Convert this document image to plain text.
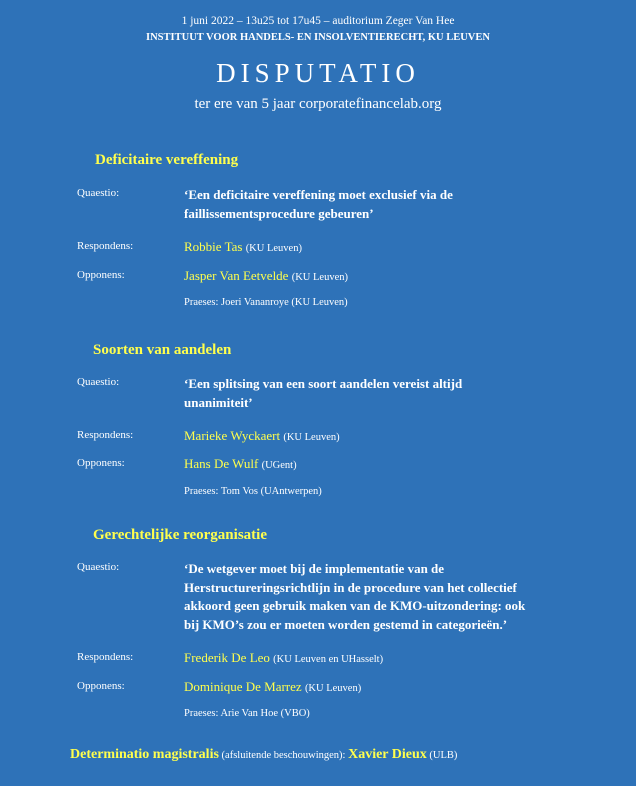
1 juni 2022 – 13u25 tot 17u45 – auditorium Zeger Van Hee
INSTITUUT VOOR HANDELS- EN INSOLVENTIERECHT, KU LEUVEN
DISPUTATIO
ter ere van 5 jaar corporatefinancelab.org
Deficitaire vereffening
Quaestio:	‘Een deficitaire vereffening moet exclusief via de
faillissementsprocedure gebeuren’
Respondens:	Robbie Tas (KU Leuven)
Opponens:	Jasper Van Eetvelde (KU Leuven)
Praeses: Joeri Vananroye (KU Leuven)
Soorten van aandelen
Quaestio:	‘Een splitsing van een soort aandelen vereist altijd
unanimiteit’
Respondens:	Marieke Wyckaert (KU Leuven)
Opponens:	Hans De Wulf (UGent)
Praeses: Tom Vos (UAntwerpen)
Gerechtelijke reorganisatie
Quaestio:	‘De wetgever moet bij de implementatie van de
Herstructureringsrichtlijn in de procedure van het collectief
akkoord geen gebruik maken van de KMO-uitzondering: ook
bij KMO’s zou er moeten worden gestemd in categorieën.’
Respondens:	Frederik De Leo (KU Leuven en UHasselt)
Opponens:	Dominique De Marrez (KU Leuven)
Praeses: Arie Van Hoe (VBO)
Determinatio magistralis (afsluitende beschouwingen): Xavier Dieux (ULB)
